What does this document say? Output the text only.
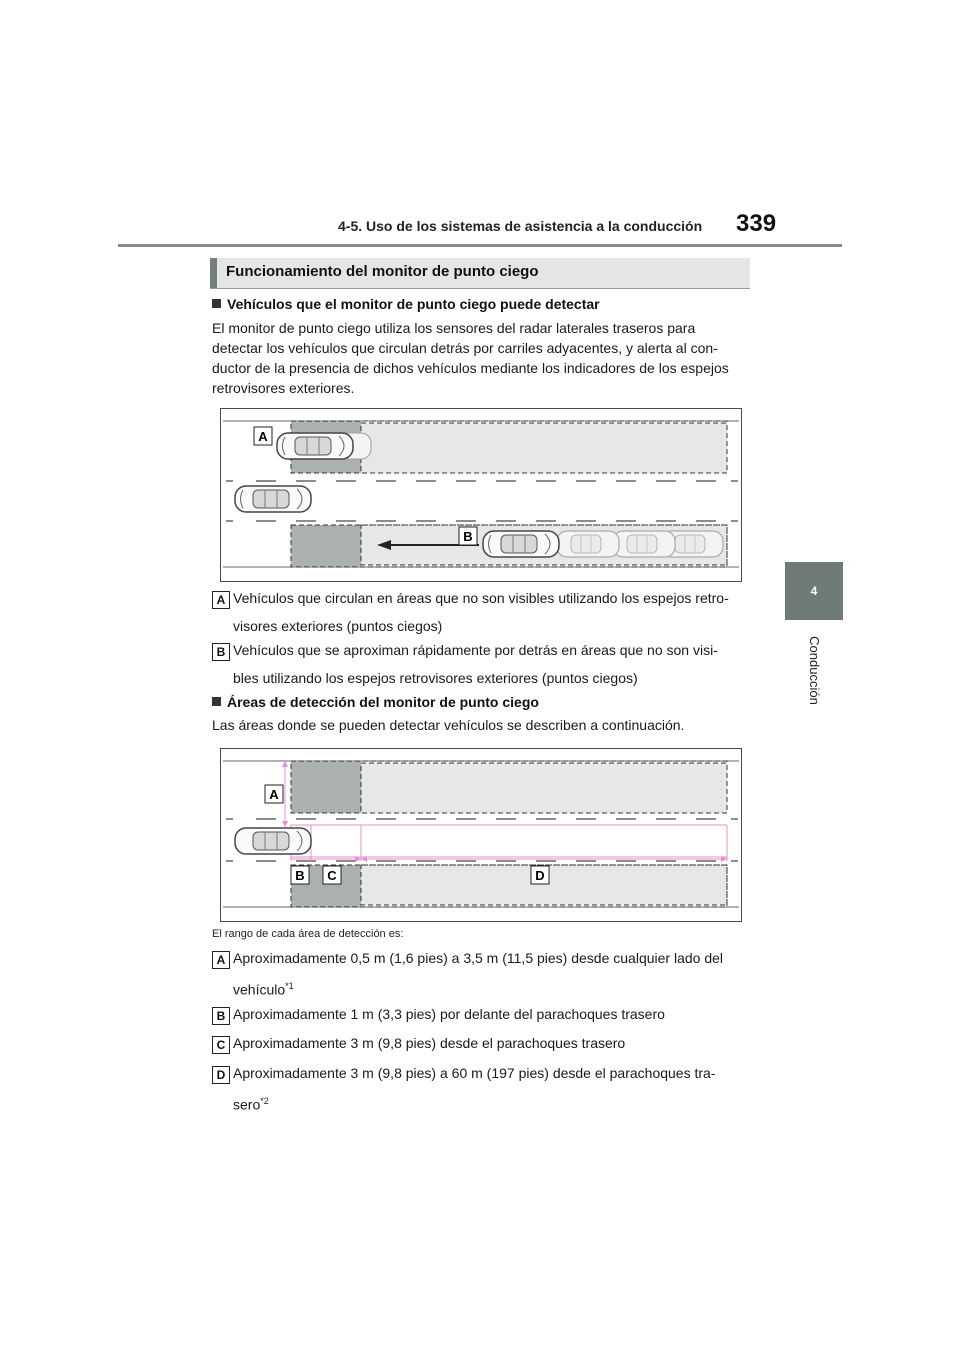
4-5. Uso de los sistemas de asistencia a la conducción 339
4
Conducción
Funcionamiento del monitor de punto ciego
Vehículos que el monitor de punto ciego puede detectar
El monitor de punto ciego utiliza los sensores del radar laterales traseros para
detectar los vehículos que circulan detrás por carriles adyacentes, y alerta al con-
ductor de la presencia de dichos vehículos mediante los indicadores de los espejos
retrovisores exteriores.
A
B
A Vehículos que circulan en áreas que no son visibles utilizando los espejos retro-
visores exteriores (puntos ciegos)
B Vehículos que se aproximan rápidamente por detrás en áreas que no son visi-
bles utilizando los espejos retrovisores exteriores (puntos ciegos)
Áreas de detección del monitor de punto ciego
Las áreas donde se pueden detectar vehículos se describen a continuación.
A
B C	D
El rango de cada área de detección es:
A Aproximadamente 0,5 m (1,6 pies) a 3,5 m (11,5 pies) desde cualquier lado del
vehículo$^{*1}$
B Aproximadamente 1 m (3,3 pies) por delante del parachoques trasero
C Aproximadamente 3 m (9,8 pies) desde el parachoques trasero
D Aproximadamente 3 m (9,8 pies) a 60 m (197 pies) desde el parachoques tra-
sero$^{*2}$
